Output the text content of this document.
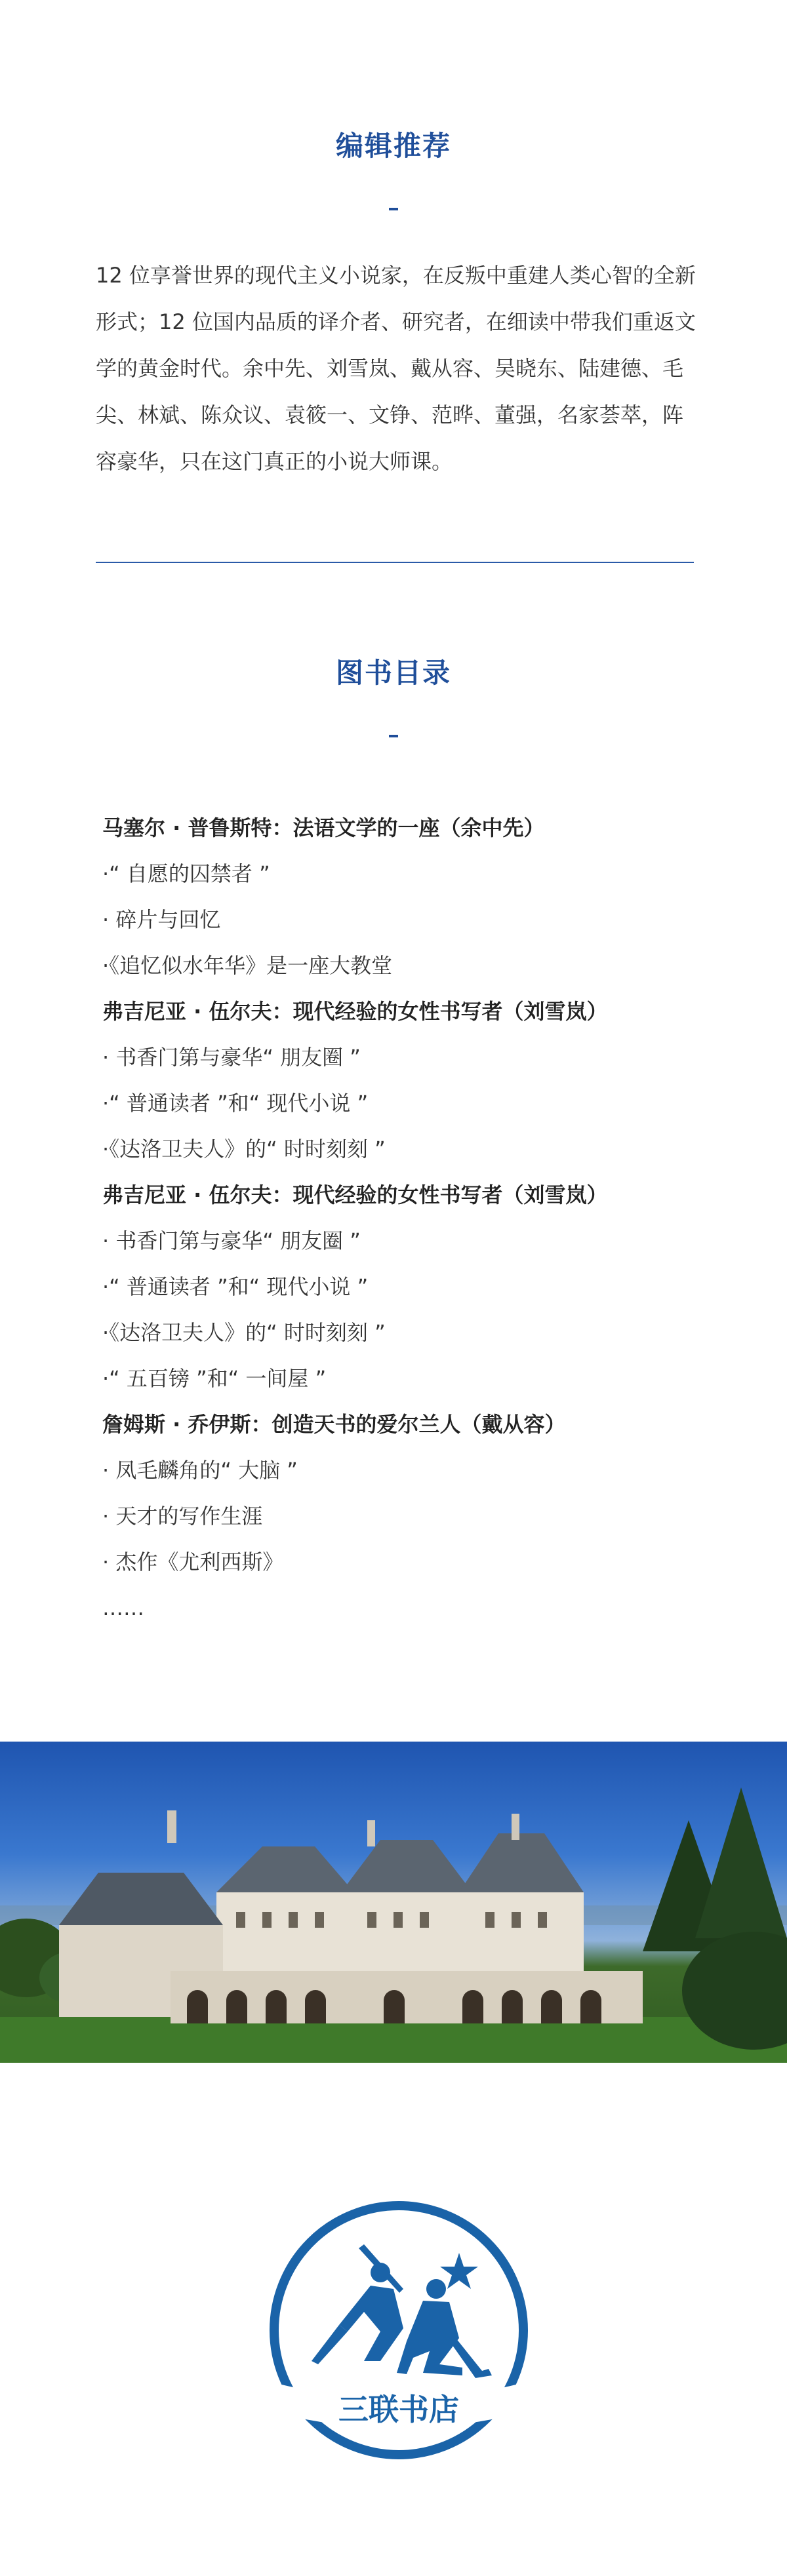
编辑推荐

12 位享誉世界的现代主义小说家，在反叛中重建人类心智的全新形式；12 位国内品质的译介者、研究者，在细读中带我们重返文学的黄金时代。余中先、刘雪岚、戴从容、吴晓东、陆建德、毛尖、林斌、陈众议、袁筱一、文铮、范晔、董强，名家荟萃，阵容豪华，只在这门真正的小说大师课。

图书目录
马塞尔 · 普鲁斯特：法语文学的一座（余中先）
·“ 自愿的囚禁者 ”
· 碎片与回忆
·《追忆似水年华》是一座大教堂
弗吉尼亚 · 伍尔夫：现代经验的女性书写者（刘雪岚）
· 书香门第与豪华“ 朋友圈 ”
·“ 普通读者 ”和“ 现代小说 ”
·《达洛卫夫人》的“ 时时刻刻 ”
弗吉尼亚 · 伍尔夫：现代经验的女性书写者（刘雪岚）
· 书香门第与豪华“ 朋友圈 ”
·“ 普通读者 ”和“ 现代小说 ”
·《达洛卫夫人》的“ 时时刻刻 ”
·“ 五百镑 ”和“ 一间屋 ”
詹姆斯 · 乔伊斯：创造天书的爱尔兰人（戴从容）
· 凤毛麟角的“ 大脑 ”
· 天才的写作生涯
· 杰作《尤利西斯》
……
三联书店
